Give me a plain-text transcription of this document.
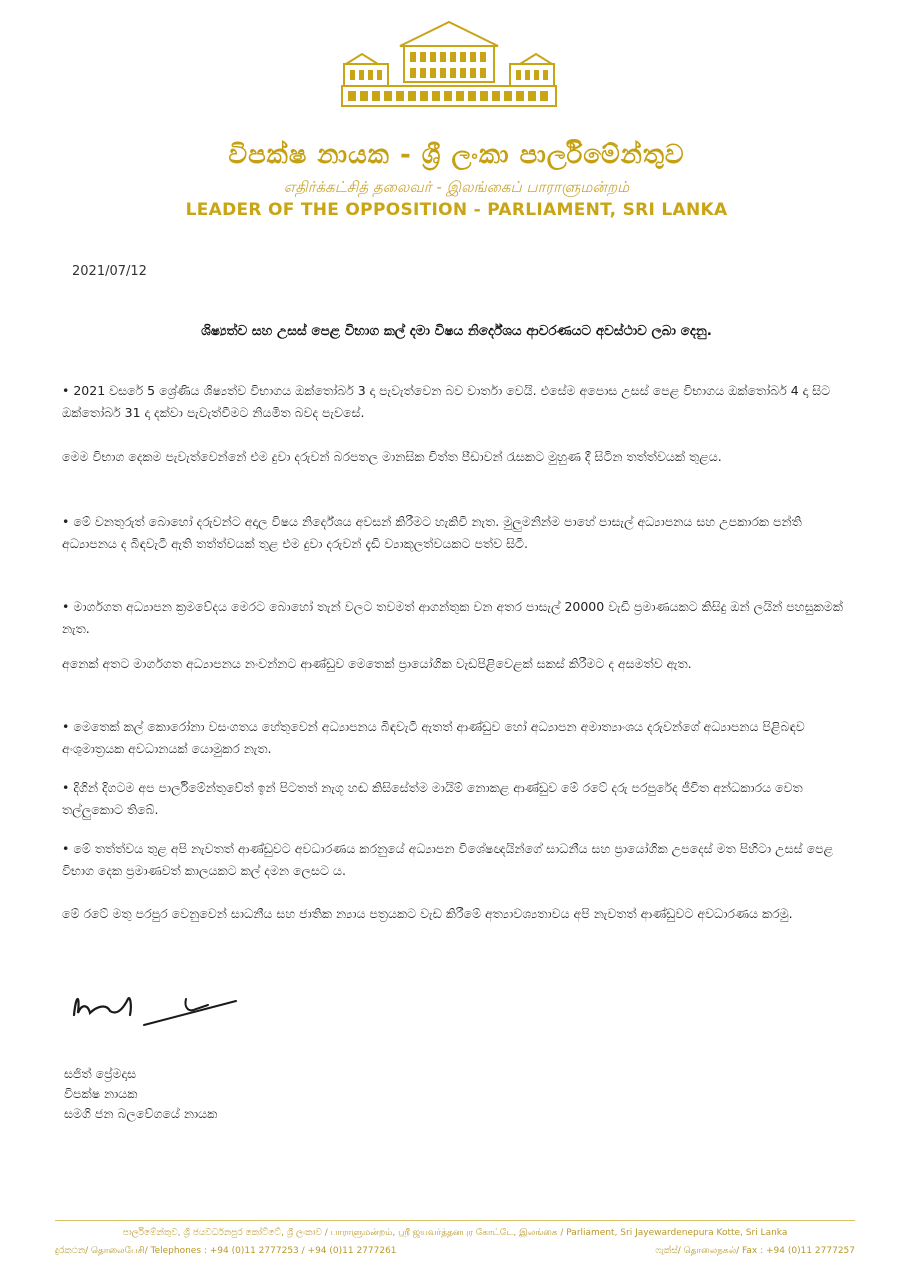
විපක්ෂ නායක - ශ්‍රී ලංකා පාර්ලිමේන්තුව
எதிர்க்கட்சித் தலைவர் - இலங்கைப் பாராளுமன்றம்
LEADER OF THE OPPOSITION - PARLIAMENT, SRI LANKA
2021/07/12
ශිෂ්‍යත්ව සහ උසස් පෙළ විභාග කල් දමා විෂය නිර්දේශය ආවරණයට අවස්ථාව ලබා දෙනු.
• 2021 වසරේ 5 ශ්‍රේණිය ශිෂ්‍යත්ව විභාගය ඔක්තෝබර් 3 දා පැවැත්වෙන බව වාර්තා වෙයි. එසේම අපොස උසස් පෙළ විභාගය ඔක්තෝබර් 4 දා සිට ඔක්තෝබර් 31 දා දක්වා පැවැත්වීමට නියමිත බවද පැවසේ.
මෙම විභාග දෙකම පැවැත්වෙන්නේ එම දුවා දරුවන් බරපතල මානසික චිත්ත පීඩාවන් රැසකට මුහුණ දී සිටින තත්ත්වයක් තුළය.
• මේ වනතුරුත් බොහෝ දරුවන්ට අදාල විෂය නිර්දේශය අවසන් කිරීමට හැකිවී නැත. මුලුමනින්ම පාහේ පාසැල් අධ්‍යාපනය සහ උපකාරක පන්ති අධ්‍යාපනය ද බිඳවැටී ඇති තත්ත්වයක් තුළ එම දුවා දරුවන් දැඩි ව්‍යාකූලත්වයකට පත්ව සිටී.
• මාර්ගගත අධ්‍යාපන ක්‍රමවේදය මෙරට බොහෝ තැන් වලට තවමත් ආගන්තුක වන අතර පාසැල් 20000 වැඩි ප්‍රමාණයකට කිසිදු ඔන් ලයින් පහසුකමක් නැත.
අනෙක් අතට මාර්ගගත අධ්‍යාපනය නංවන්නට ආණ්ඩුව මෙතෙක් ප්‍රායෝගික වැඩපිළිවෙළක් සකස් කිරීමට ද අසමත්ව ඇත.
• මෙතෙක් කල් කොරෝනා වසංගතය හේතුවෙන් අධ්‍යාපනය බිඳවැටී ඇතත් ආණ්ඩුව හෝ අධ්‍යාපන අමාත්‍යාංශය දරුවන්ගේ අධ්‍යාපනය පිළිබඳව අංශුමාත්‍රයක අවධානයක් යොමුකර නැත.
• දිගින් දිගටම අප පාර්ලිමේන්තුවේත් ඉන් පිටතත් නැගූ හඬ කිසිසේත්ම මායිම් නොකළ ආණ්ඩුව මේ රටේ දරු පරපුරේද ජීවිත අන්ධකාරය වෙත තල්ලුකොට තිබේ.
• මේ තත්ත්වය තුළ අපි නැවතත් ආණ්ඩුවට අවධාරණය කරනුයේ අධ්‍යාපන විශේෂඥයින්ගේ සාධනීය සහ ප්‍රායෝගික උපදෙස් මත පිහිටා උසස් පෙළ විභාග දෙක ප්‍රමාණවත් කාලයකට කල් දමන ලෙසට ය.
මේ රටේ මතු පරපුර වෙනුවෙන් සාධනීය සහ ජාතික න්‍යාය පත්‍රයකට වැඩ කිරීමේ අත්‍යාවශ්‍යතාවය අපි නැවතත් ආණ්ඩුවට අවධාරණය කරමු.
සජිත් ප්‍රේමදාස
විපක්ෂ නායක
සමගි ජන බලවේගයේ නායක
පාර්ලිමේන්තුව, ශ්‍රී ජයවර්ධනපුර කෝට්ටේ, ශ්‍රී ලංකාව / பாராளுமன்றம், ஸ்ரீ ஜயவர்த்தனபுர கோட்டே, இலங்கை / Parliament, Sri Jayewardenepura Kotte, Sri Lanka
දුරකථන/ தொலைபேசி/ Telephones : +94 (0)11 2777253 / +94 (0)11 2777261	ෆැක්ස්/ தொலைநகல்/ Fax : +94 (0)11 2777257
